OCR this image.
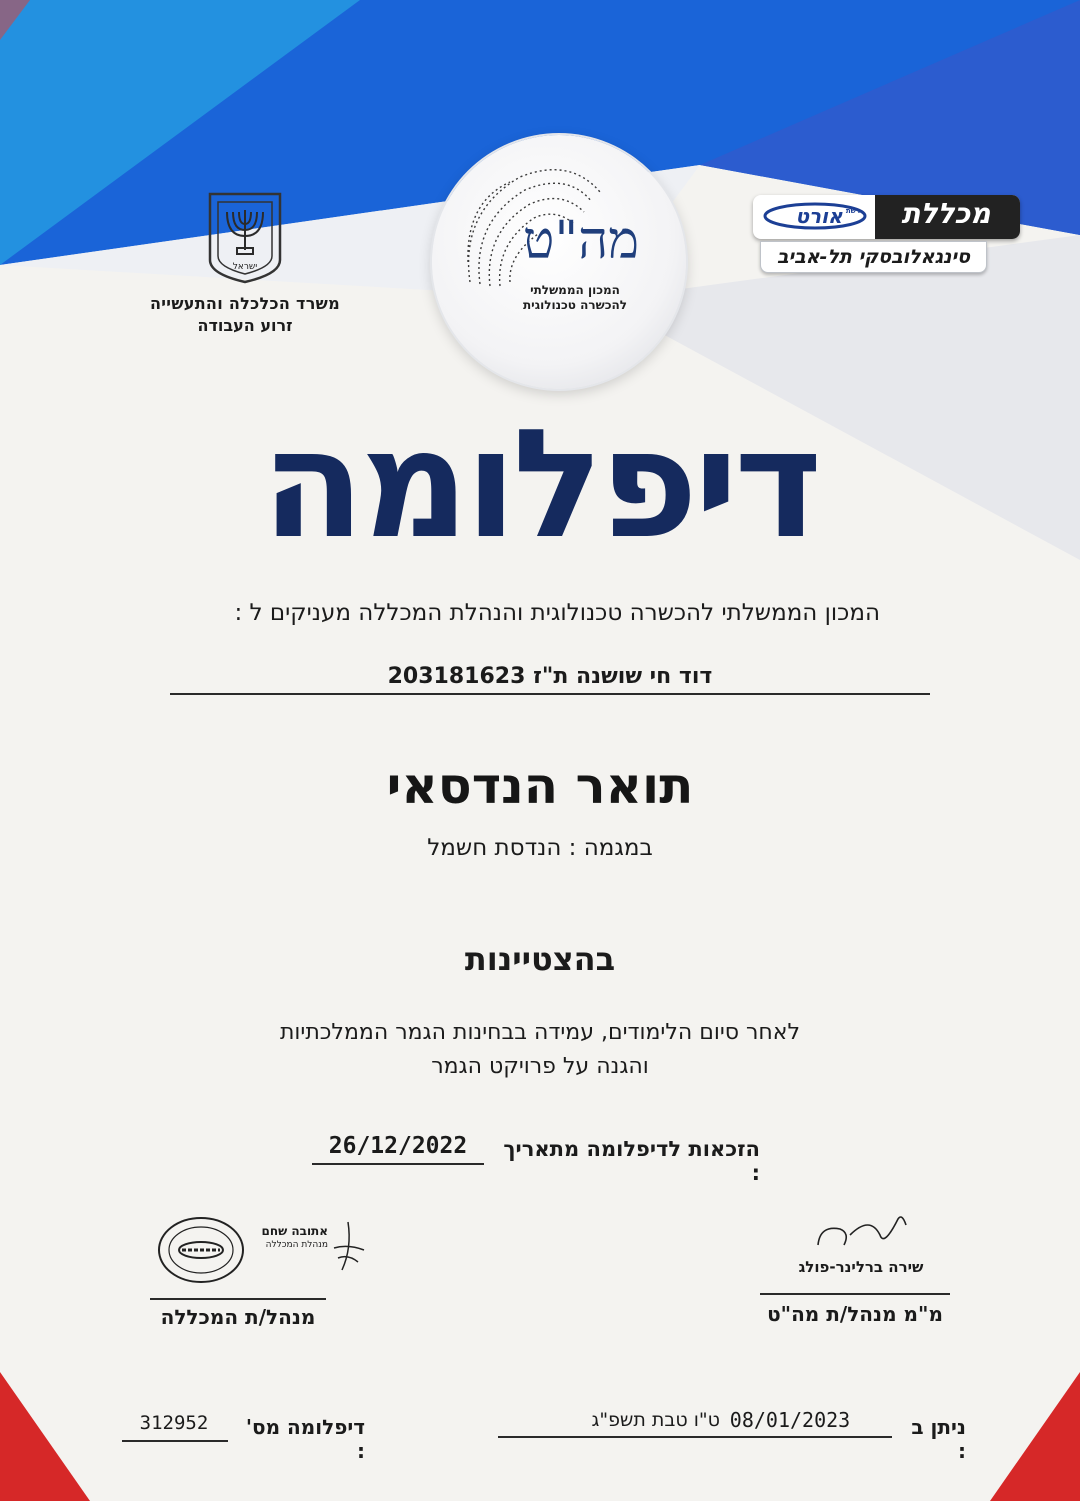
ישראל
משרד הכלכלה והתעשייה
זרוע העבודה
מה"ט
המכון הממשלתי
להכשרה טכנולוגית
מכללת
אורט רשת
סינגאלובסקי תל-אביב
דיפלומה
המכון הממשלתי להכשרה טכנולוגית והנהלת המכללה מעניקים ל :
דוד חי שושנה ת"ז 203181623
תואר הנדסאי
במגמה : הנדסת חשמל
בהצטיינות
לאחר סיום הלימודים, עמידה בבחינות הגמר הממלכתיות
והגנה על פרויקט הגמר
הזכאות לדיפלומה מתאריך :
26/12/2022
אתובה שחם
מנהלת המכללה
מנהל/ת המכללה
שירה ברלינר-פולג
מ"מ מנהל/ת מה"ט
דיפלומה מס' :
312952	ניתן ב :
08/01/2023
ט"ו טבת תשפ"ג
